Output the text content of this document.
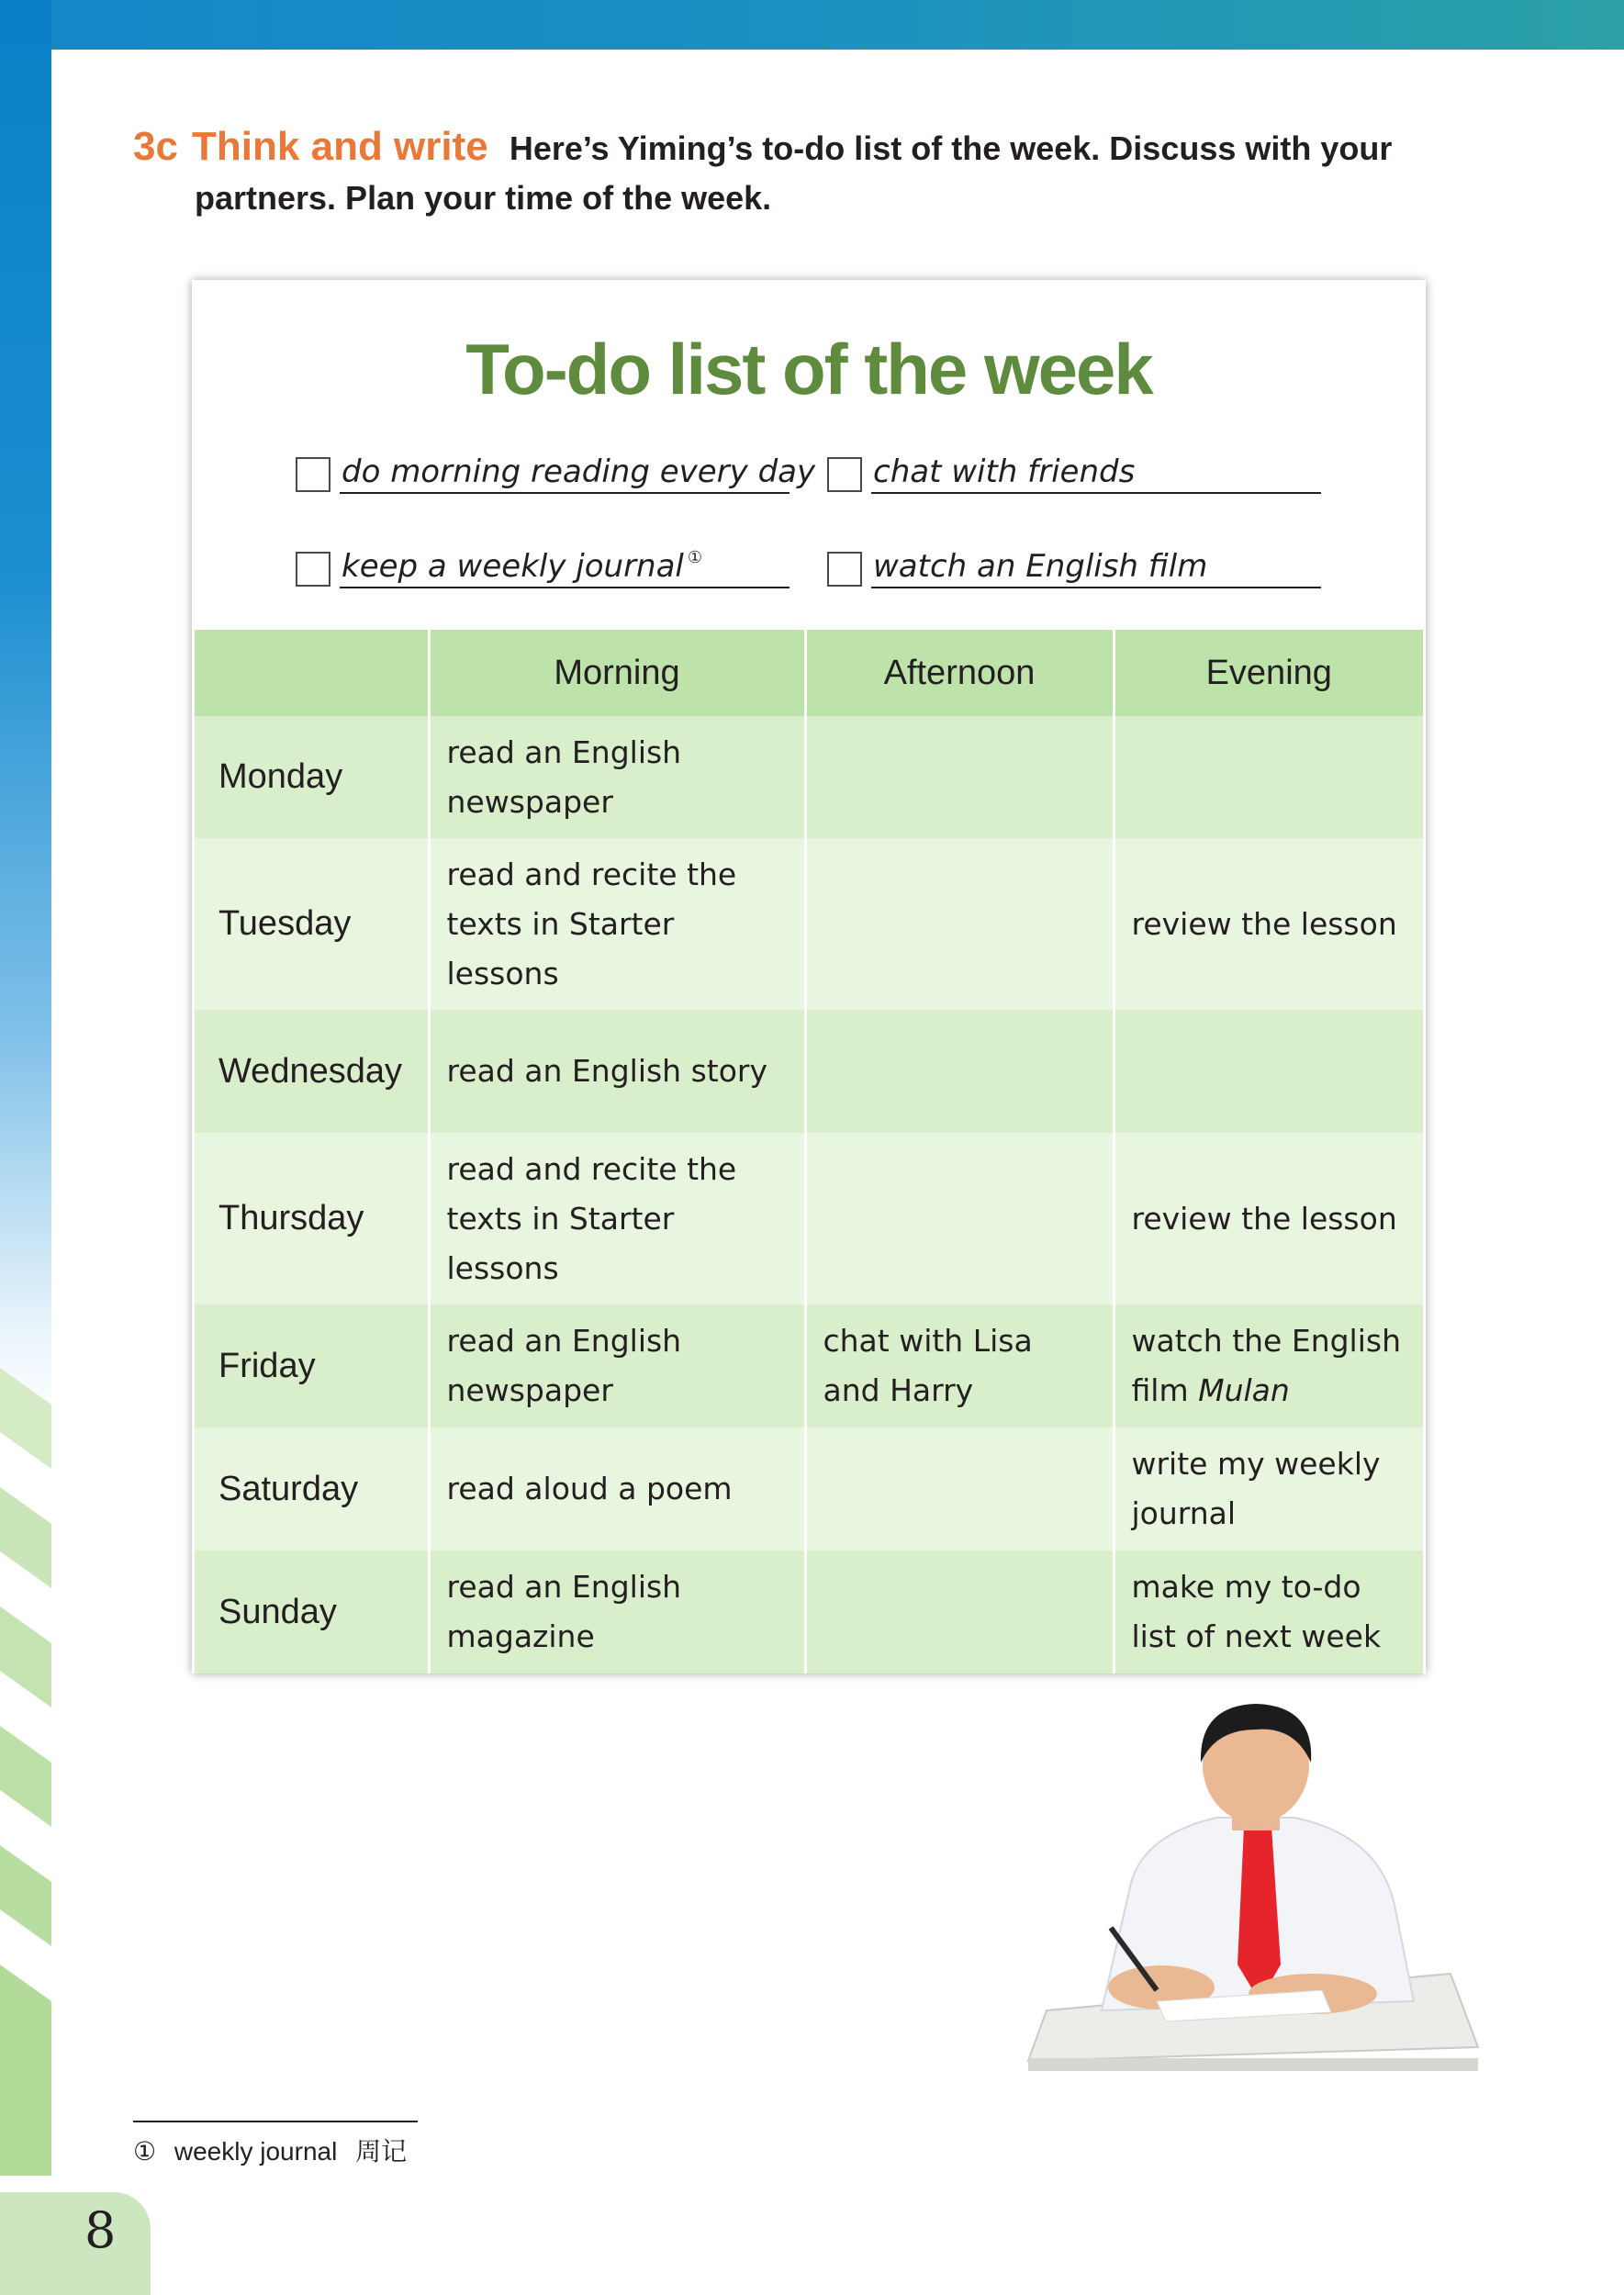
3c Think and write Here’s Yiming’s to-do list of the week. Discuss with your
partners. Plan your time of the week.
To-do list of the week
do morning reading every day chat with friends
keep a weekly journal ①	watch an English film
	Morning	Afternoon	Evening
Monday	read an English newspaper		
Tuesday	read and recite the texts in Starter lessons		review the lesson
Wednesday	read an English story		
Thursday	read and recite the texts in Starter lessons		review the lesson
Friday	read an English newspaper	chat with Lisa and Harry	watch the English film Mulan
Saturday	read aloud a poem		write my weekly journal
Sunday	read an English magazine		make my to-do list of next week
① weekly journal 周记
8
